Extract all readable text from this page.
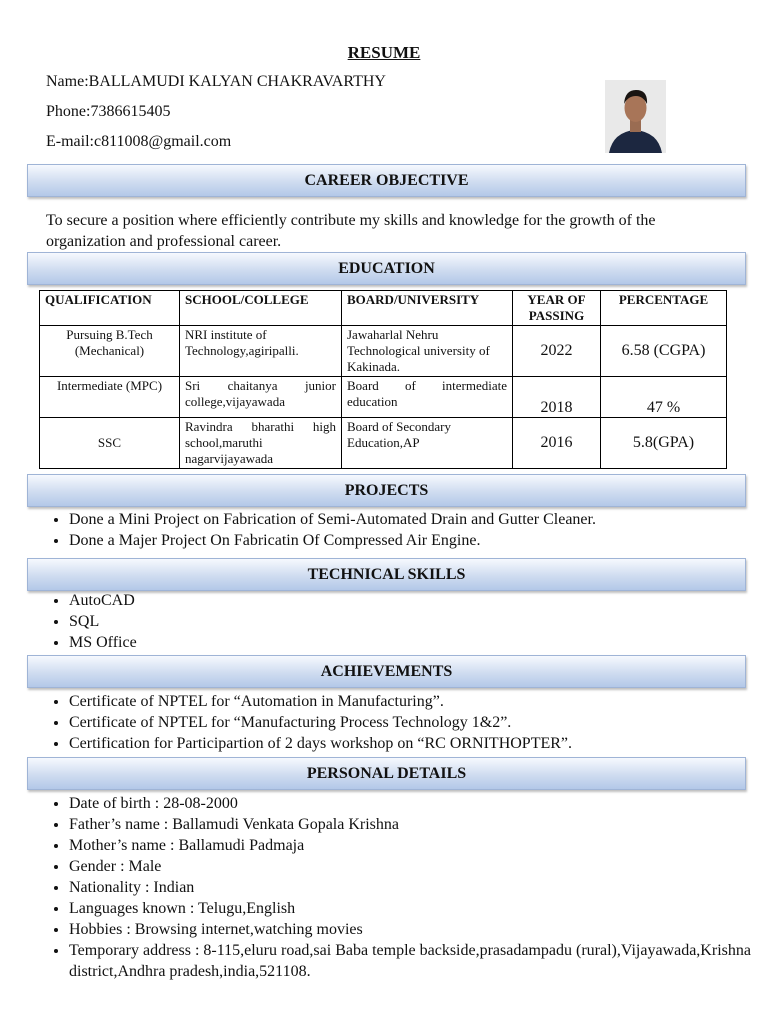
RESUME
Name:BALLAMUDI KALYAN CHAKRAVARTHY
Phone:7386615405
E-mail:c811008@gmail.com
CAREER OBJECTIVE
To secure a position where efficiently contribute my skills and knowledge for the growth of the organization and professional career.
EDUCATION
QUALIFICATION	SCHOOL/COLLEGE	BOARD/UNIVERSITY	YEAR OF PASSING	PERCENTAGE
Pursuing B.Tech (Mechanical)	NRI institute of Technology,agiripalli.	Jawaharlal Nehru Technological university of Kakinada.	2022	6.58 (CGPA)
Intermediate (MPC)	Sri chaitanya junior college,vijayawada	Board of intermediate education	2018	47 %
SSC	Ravindra bharathi high school,maruthi nagarvijayawada	Board of Secondary Education,AP	2016	5.8(GPA)
PROJECTS
• Done a Mini Project on Fabrication of Semi-Automated Drain and Gutter Cleaner.
• Done a Majer Project On Fabricatin Of Compressed Air Engine.
TECHNICAL SKILLS
• AutoCAD
• SQL
• MS Office
ACHIEVEMENTS
• Certificate of NPTEL for “Automation in Manufacturing”.
• Certificate of NPTEL for “Manufacturing Process Technology 1&2”.
• Certification for Participartion of 2 days workshop on “RC ORNITHOPTER”.
PERSONAL DETAILS
• Date of birth : 28-08-2000
• Father’s name : Ballamudi Venkata Gopala Krishna
• Mother’s name : Ballamudi Padmaja
• Gender : Male
• Nationality : Indian
• Languages known : Telugu,English
• Hobbies : Browsing internet,watching movies
• Temporary address : 8-115,eluru road,sai Baba temple backside,prasadampadu (rural),Vijayawada,Krishna district,Andhra pradesh,india,521108.
